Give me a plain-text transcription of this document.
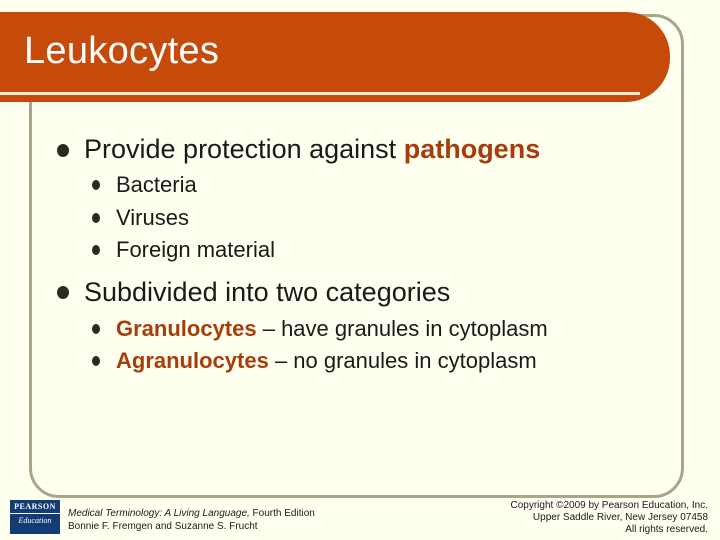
Leukocytes

Provide protection against pathogens

Bacteria

Viruses

Foreign material

Subdivided into two categories

Granulocytes – have granules in cytoplasm

Agranulocytes – no granules in cytoplasm

PEARSON
Education
Medical Terminology: A Living Language, Fourth Edition
Bonnie F. Fremgen and Suzanne S. Frucht
Copyright ©2009 by Pearson Education, Inc.
Upper Saddle River, New Jersey 07458
All rights reserved.
